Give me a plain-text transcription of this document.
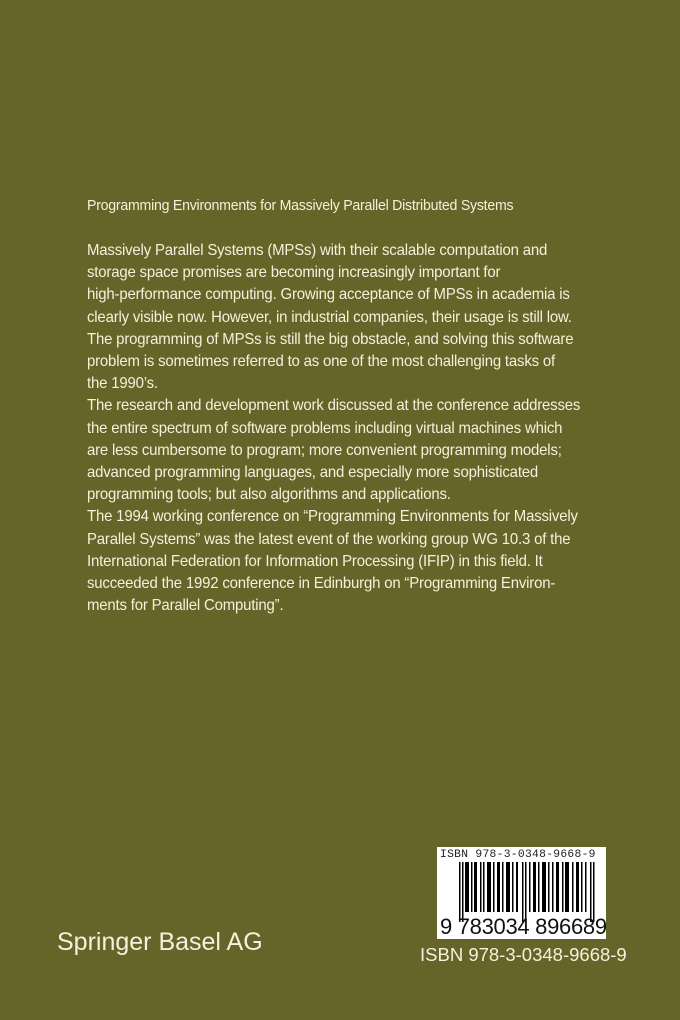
Programming Environments for Massively Parallel Distributed Systems
Massively Parallel Systems (MPSs) with their scalable computation and
storage space promises are becoming increasingly important for
high-performance computing. Growing acceptance of MPSs in academia is
clearly visible now. However, in industrial companies, their usage is still low.
The programming of MPSs is still the big obstacle, and solving this software
problem is sometimes referred to as one of the most challenging tasks of
the 1990’s.
The research and development work discussed at the conference addresses
the entire spectrum of software problems including virtual machines which
are less cumbersome to program; more convenient programming models;
advanced programming languages, and especially more sophisticated
programming tools; but also algorithms and applications.
The 1994 working conference on “Programming Environments for Massively
Parallel Systems” was the latest event of the working group WG 10.3 of the
International Federation for Information Processing (IFIP) in this field. It
succeeded the 1992 conference in Edinburgh on “Programming Environ-
ments for Parallel Computing”.
Springer Basel AG
ISBN 978-3-0348-9668-9
9 783034 896689
ISBN 978-3-0348-9668-9
